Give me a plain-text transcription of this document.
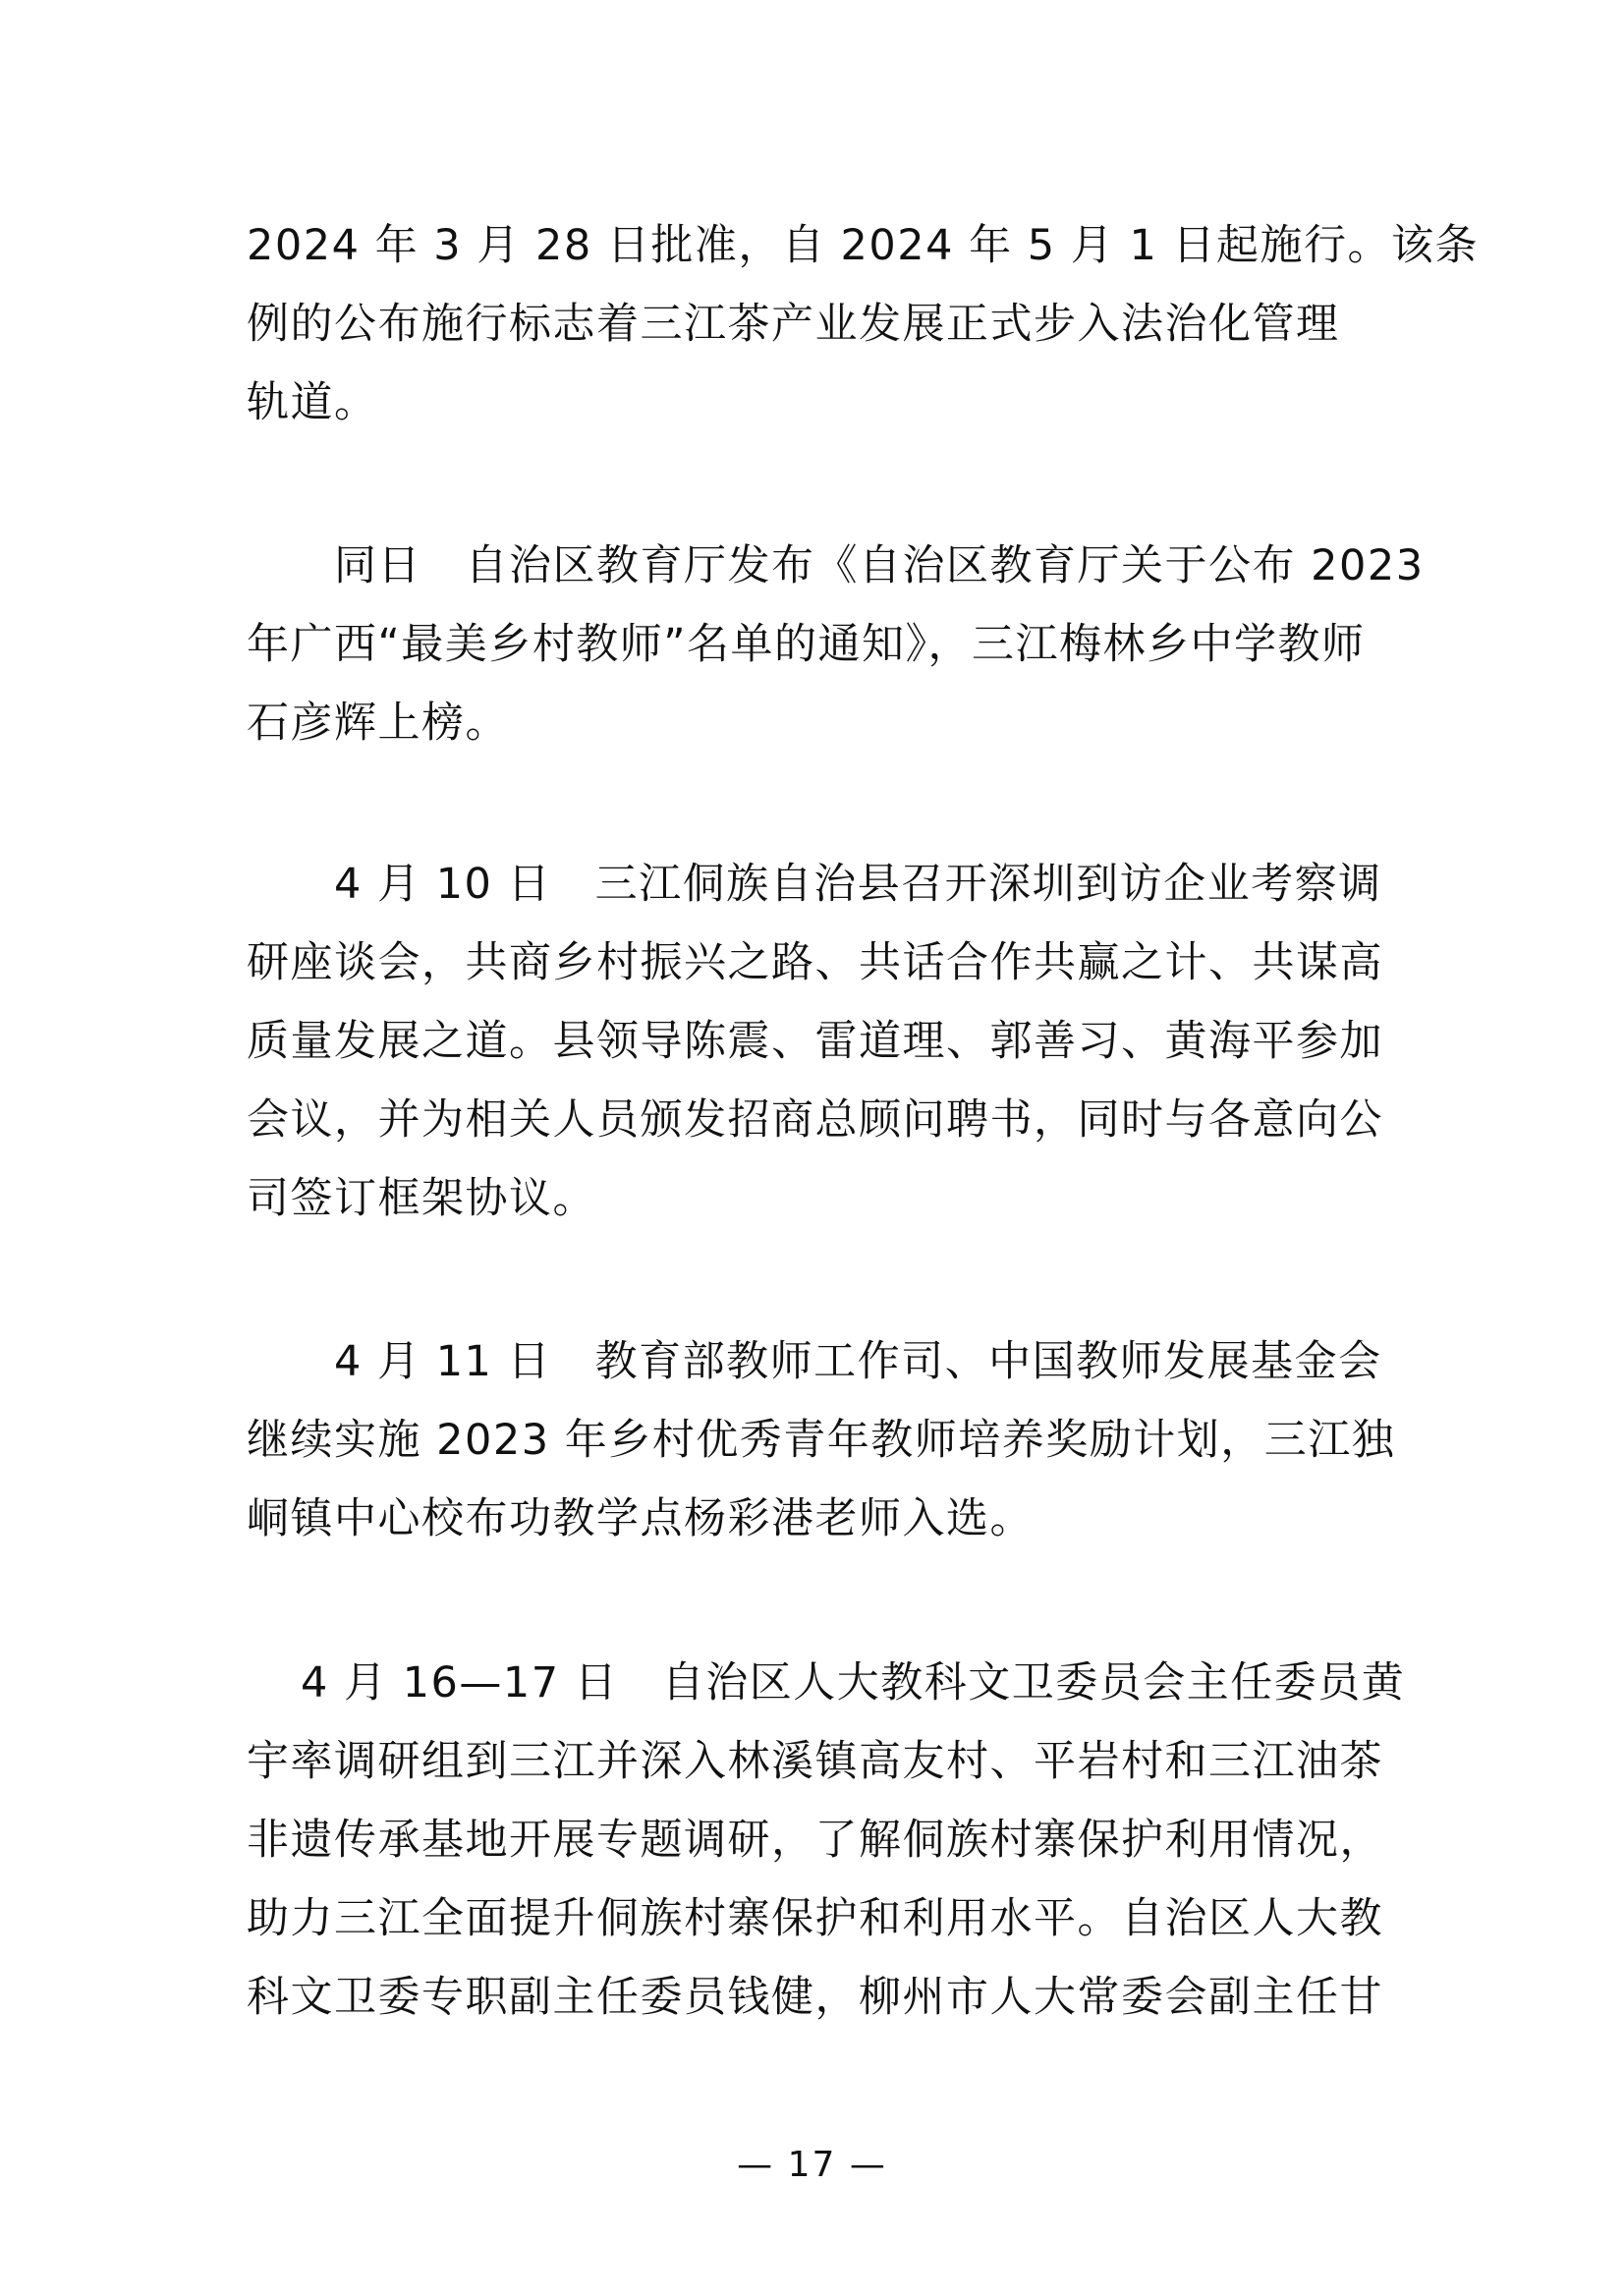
2024 年 3 月 28 日批准，自 2024 年 5 月 1 日起施行。该条
例的公布施行标志着三江茶产业发展正式步入法治化管理
轨道。
同日　自治区教育厅发布《自治区教育厅关于公布 2023
年广西“最美乡村教师”名单的通知》，三江梅林乡中学教师
石彦辉上榜。
4 月 10 日　三江侗族自治县召开深圳到访企业考察调
研座谈会，共商乡村振兴之路、共话合作共赢之计、共谋高
质量发展之道。县领导陈震、雷道理、郭善习、黄海平参加
会议，并为相关人员颁发招商总顾问聘书，同时与各意向公
司签订框架协议。
4 月 11 日　教育部教师工作司、中国教师发展基金会
继续实施 2023 年乡村优秀青年教师培养奖励计划，三江独
峒镇中心校布功教学点杨彩港老师入选。
4 月 16—17 日　自治区人大教科文卫委员会主任委员黄
宇率调研组到三江并深入林溪镇高友村、平岩村和三江油茶
非遗传承基地开展专题调研，了解侗族村寨保护利用情况，
助力三江全面提升侗族村寨保护和利用水平。自治区人大教
科文卫委专职副主任委员钱健，柳州市人大常委会副主任甘
— 17 —
